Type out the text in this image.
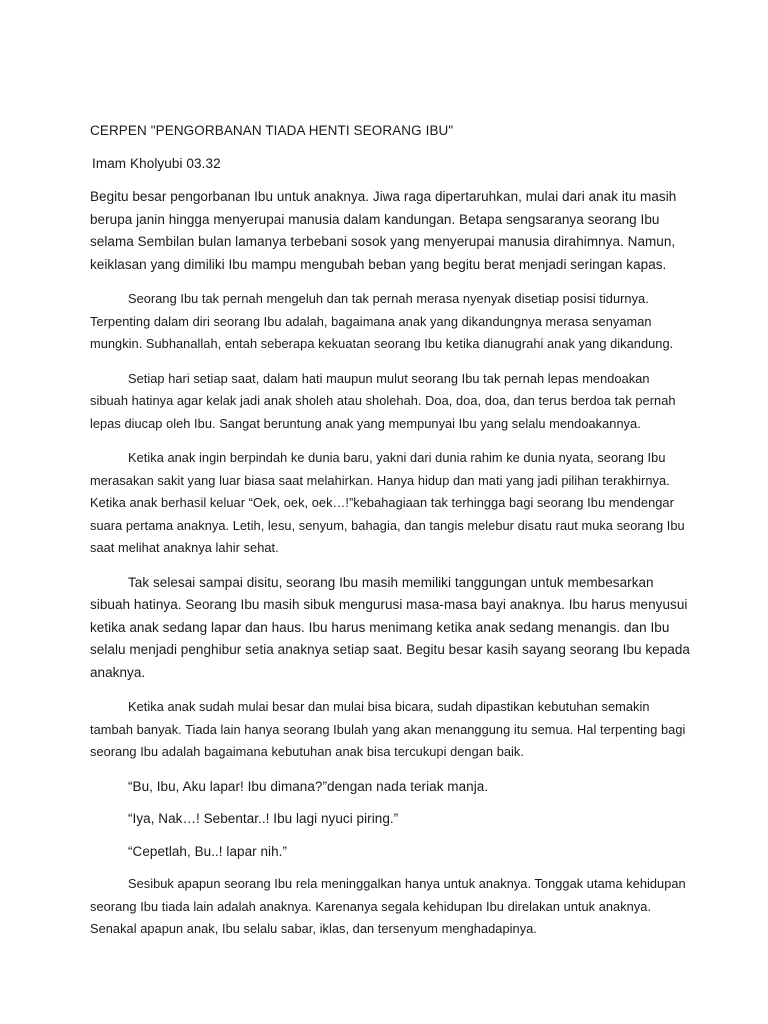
CERPEN "PENGORBANAN TIADA HENTI SEORANG IBU"
Imam Kholyubi 03.32

Begitu besar pengorbanan Ibu untuk anaknya. Jiwa raga dipertaruhkan, mulai dari anak itu masih berupa janin hingga menyerupai manusia dalam kandungan. Betapa sengsaranya seorang Ibu selama Sembilan bulan lamanya terbebani sosok yang menyerupai manusia dirahimnya. Namun, keiklasan yang dimiliki Ibu mampu mengubah beban yang begitu berat menjadi seringan kapas.

Seorang Ibu tak pernah mengeluh dan tak pernah merasa nyenyak disetiap posisi tidurnya. Terpenting dalam diri seorang Ibu adalah, bagaimana anak yang dikandungnya merasa senyaman mungkin. Subhanallah, entah seberapa kekuatan seorang Ibu ketika dianugrahi anak yang dikandung.

Setiap hari setiap saat, dalam hati maupun mulut seorang Ibu tak pernah lepas mendoakan sibuah hatinya agar kelak jadi anak sholeh atau sholehah. Doa, doa, doa, dan terus berdoa tak pernah lepas diucap oleh Ibu. Sangat beruntung anak yang mempunyai Ibu yang selalu mendoakannya.

Ketika anak ingin berpindah ke dunia baru, yakni dari dunia rahim ke dunia nyata, seorang Ibu merasakan sakit yang luar biasa saat melahirkan. Hanya hidup dan mati yang jadi pilihan terakhirnya. Ketika anak berhasil keluar “Oek, oek, oek…!”kebahagiaan tak terhingga bagi seorang Ibu mendengar suara pertama anaknya. Letih, lesu, senyum, bahagia, dan tangis melebur disatu raut muka seorang Ibu saat melihat anaknya lahir sehat.

Tak selesai sampai disitu, seorang Ibu masih memiliki tanggungan untuk membesarkan sibuah hatinya. Seorang Ibu masih sibuk mengurusi masa-masa bayi anaknya. Ibu harus menyusui ketika anak sedang lapar dan haus. Ibu harus menimang ketika anak sedang menangis. dan Ibu selalu menjadi penghibur setia anaknya setiap saat. Begitu besar kasih sayang seorang Ibu kepada anaknya.

Ketika anak sudah mulai besar dan mulai bisa bicara, sudah dipastikan kebutuhan semakin tambah banyak. Tiada lain hanya seorang Ibulah yang akan menanggung itu semua. Hal terpenting bagi seorang Ibu adalah bagaimana kebutuhan anak bisa tercukupi dengan baik.

“Bu, Ibu, Aku lapar! Ibu dimana?”dengan nada teriak manja.

“Iya, Nak…! Sebentar..! Ibu lagi nyuci piring.”

“Cepetlah, Bu..! lapar nih.”

Sesibuk apapun seorang Ibu rela meninggalkan hanya untuk anaknya. Tonggak utama kehidupan seorang Ibu tiada lain adalah anaknya. Karenanya segala kehidupan Ibu direlakan untuk anaknya. Senakal apapun anak, Ibu selalu sabar, iklas, dan tersenyum menghadapinya.
